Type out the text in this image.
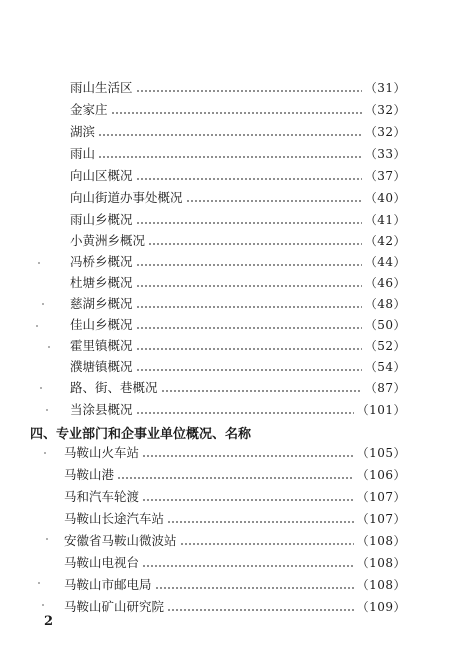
雨山生活区	（31）
金家庄	（32）
湖滨	（32）
雨山	（33）
向山区概况	（37）
向山街道办事处概况	（40）
雨山乡概况	（41）
小黄洲乡概况	（42）
冯桥乡概况	（44）
杜塘乡概况	（46）
慈湖乡概况	（48）
佳山乡概况	（50）
霍里镇概况	（52）
濮塘镇概况	（54）
路、街、巷概况	（87）
当涂县概况	（101）
四、专业部门和企事业单位概况、名称
马鞍山火车站	（105）
马鞍山港	（106）
马和汽车轮渡	（107）
马鞍山长途汽车站	（107）
安徽省马鞍山微波站	（108）
马鞍山电视台	（108）
马鞍山市邮电局	（108）
马鞍山矿山研究院	（109）
2
